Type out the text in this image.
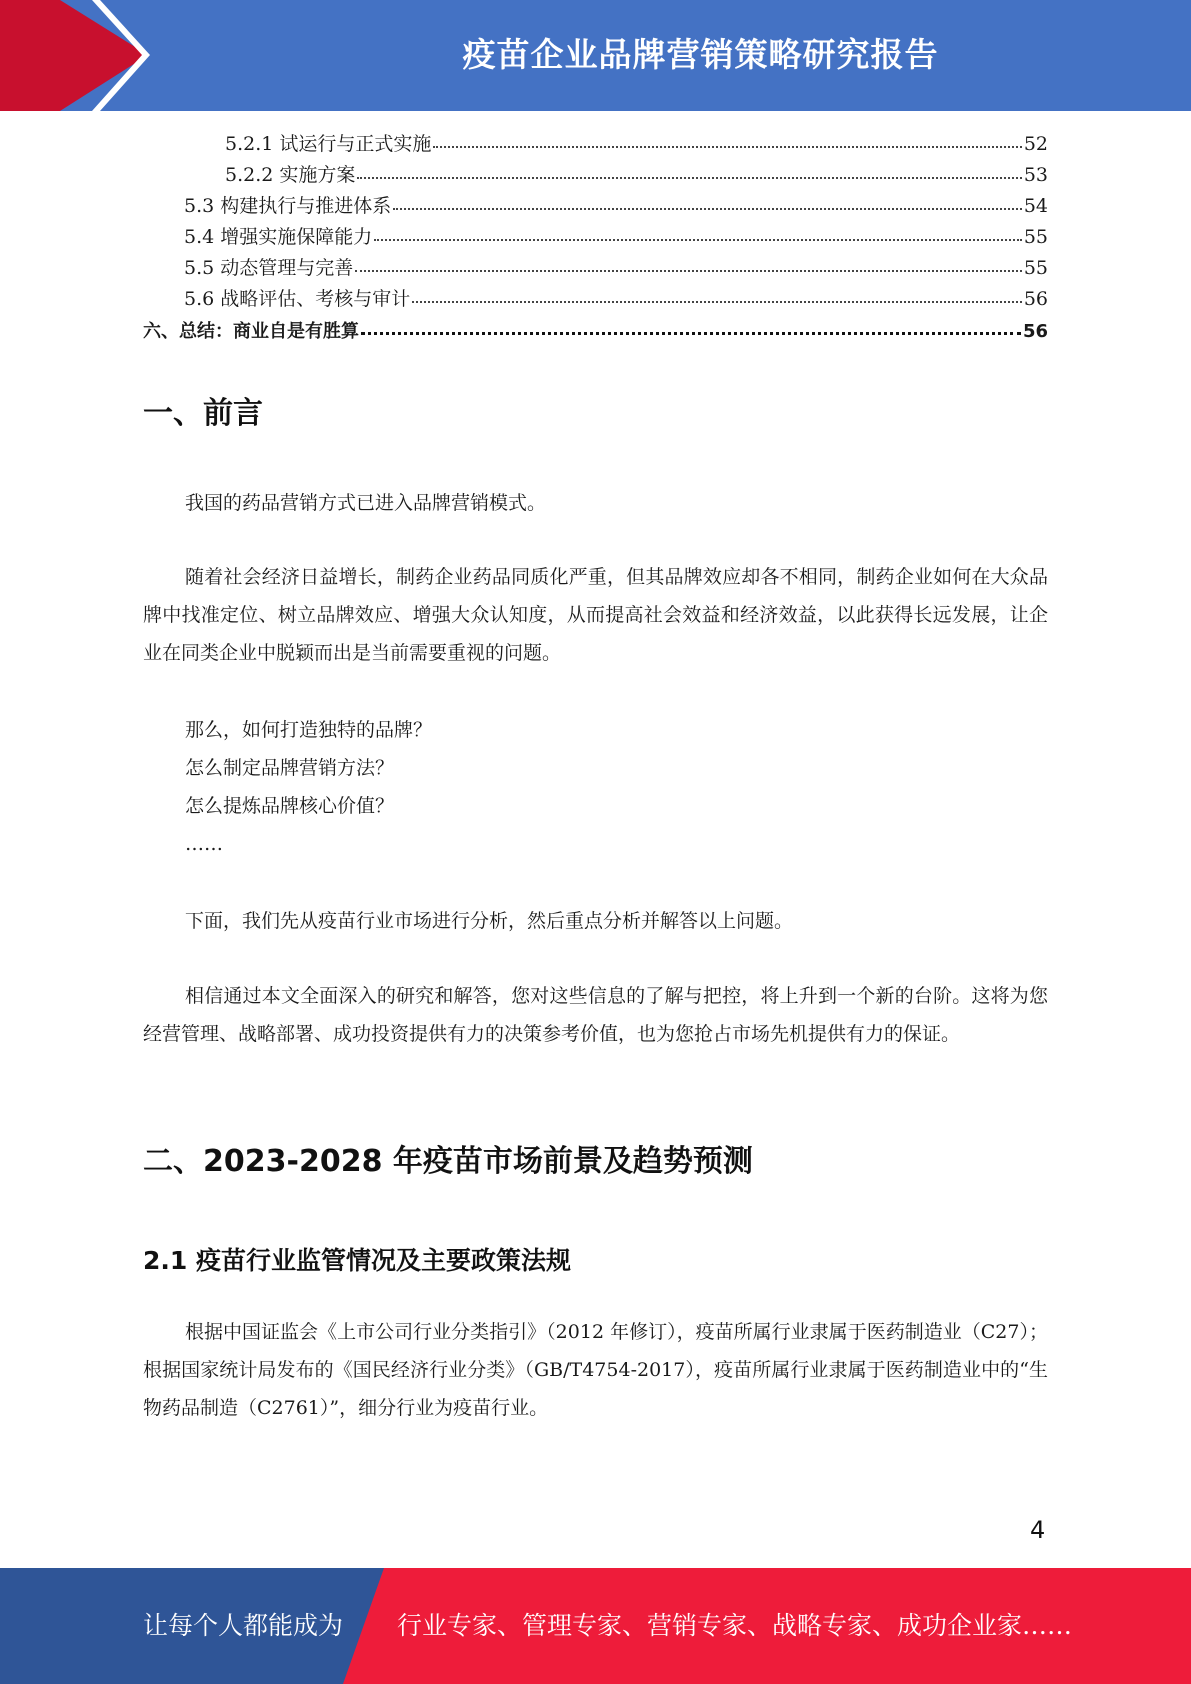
疫苗企业品牌营销策略研究报告
5.2.1 试运行与正式实施	52
5.2.2 实施方案	53
5.3 构建执行与推进体系	54
5.4 增强实施保障能力	55
5.5 动态管理与完善	55
5.6 战略评估、考核与审计	56
六、总结：商业自是有胜算	56
一、前言

我国的药品营销方式已进入品牌营销模式。

随着社会经济日益增长，制药企业药品同质化严重，但其品牌效应却各不相同，制药企业如何在大众品牌中找准定位、树立品牌效应、增强大众认知度，从而提高社会效益和经济效益，以此获得长远发展，让企业在同类企业中脱颖而出是当前需要重视的问题。

那么，如何打造独特的品牌？
怎么制定品牌营销方法？
怎么提炼品牌核心价值？
……

下面，我们先从疫苗行业市场进行分析，然后重点分析并解答以上问题。

相信通过本文全面深入的研究和解答，您对这些信息的了解与把控，将上升到一个新的台阶。这将为您经营管理、战略部署、成功投资提供有力的决策参考价值，也为您抢占市场先机提供有力的保证。

二、2023-2028 年疫苗市场前景及趋势预测
2.1 疫苗行业监管情况及主要政策法规

根据中国证监会《上市公司行业分类指引》（2012 年修订），疫苗所属行业隶属于医药制造业（C27）；根据国家统计局发布的《国民经济行业分类》（GB/T4754-2017），疫苗所属行业隶属于医药制造业中的“生物药品制造（C2761）”，细分行业为疫苗行业。

4
让每个人都能成为 行业专家、管理专家、营销专家、战略专家、成功企业家……
